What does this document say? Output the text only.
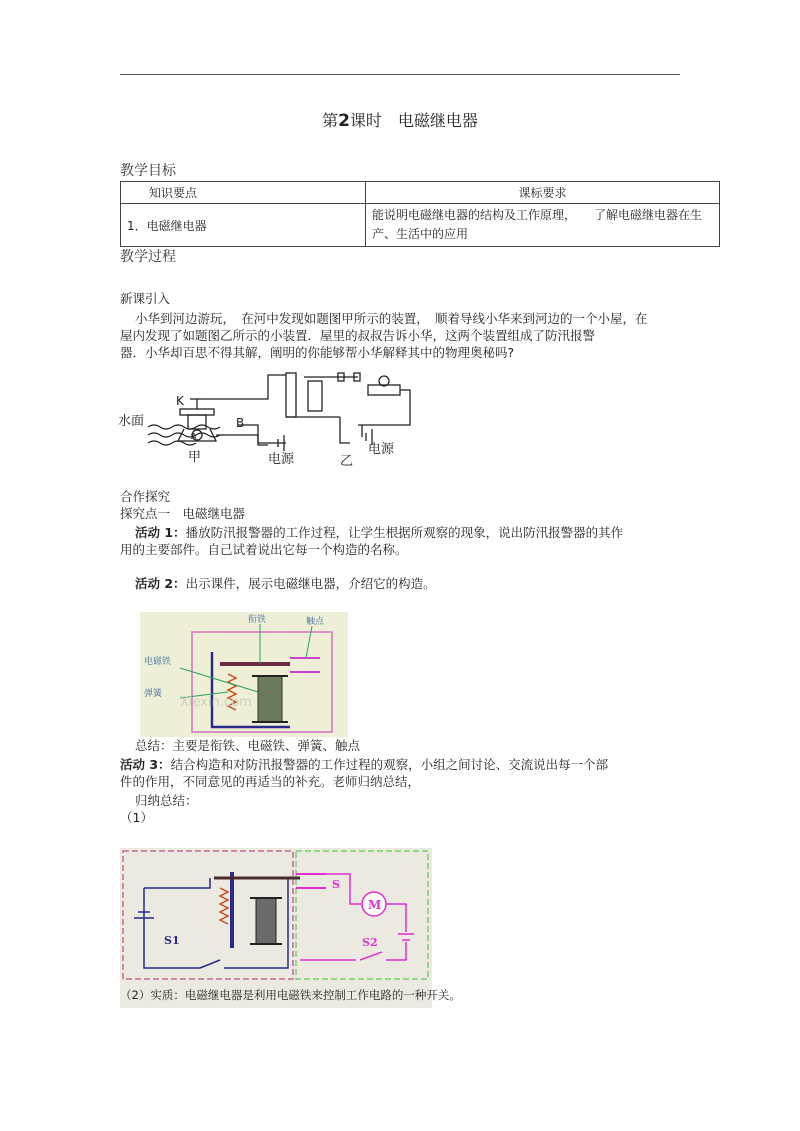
第2课时　电磁继电器
教学目标
知识要点	课标要求
1．电磁继电器	能说明电磁继电器的结构及工作原理，　　了解电磁继电器在生
产、生活中的应用
教学过程
新课引入
小华到河边游玩，　在河中发现如题图甲所示的装置，　顺着导线小华来到河边的一个小屋，在
屋内发现了如题图乙所示的小装置．屋里的叔叔告诉小华，这两个装置组成了防汛报警
器．小华却百思不得其解，阐明的你能够帮小华解释其中的物理奥秘吗?
水面
K
A
B
甲	电源	乙
电源
合作探究
探究点一　电磁继电器
活动 1：播放防汛报警器的工作过程，让学生根据所观察的现象，说出防汛报警器的其作
用的主要部件。自己试着说出它每一个构造的名称。
活动 2：出示课件，展示电磁继电器，介绍它的构造。
衔铁	触点
电磁铁
弹簧
Xiexin.com
总结：主要是衔铁、电磁铁、弹簧、触点
活动 3：结合构造和对防汛报警器的工作过程的观察，小组之间讨论、交流说出每一个部
件的作用，不同意见的再适当的补充。老师归纳总结，
归纳总结：
（1）
S
M
S1	S2
（2）实质：电磁继电器是利用电磁铁来控制工作电路的一种开关。
